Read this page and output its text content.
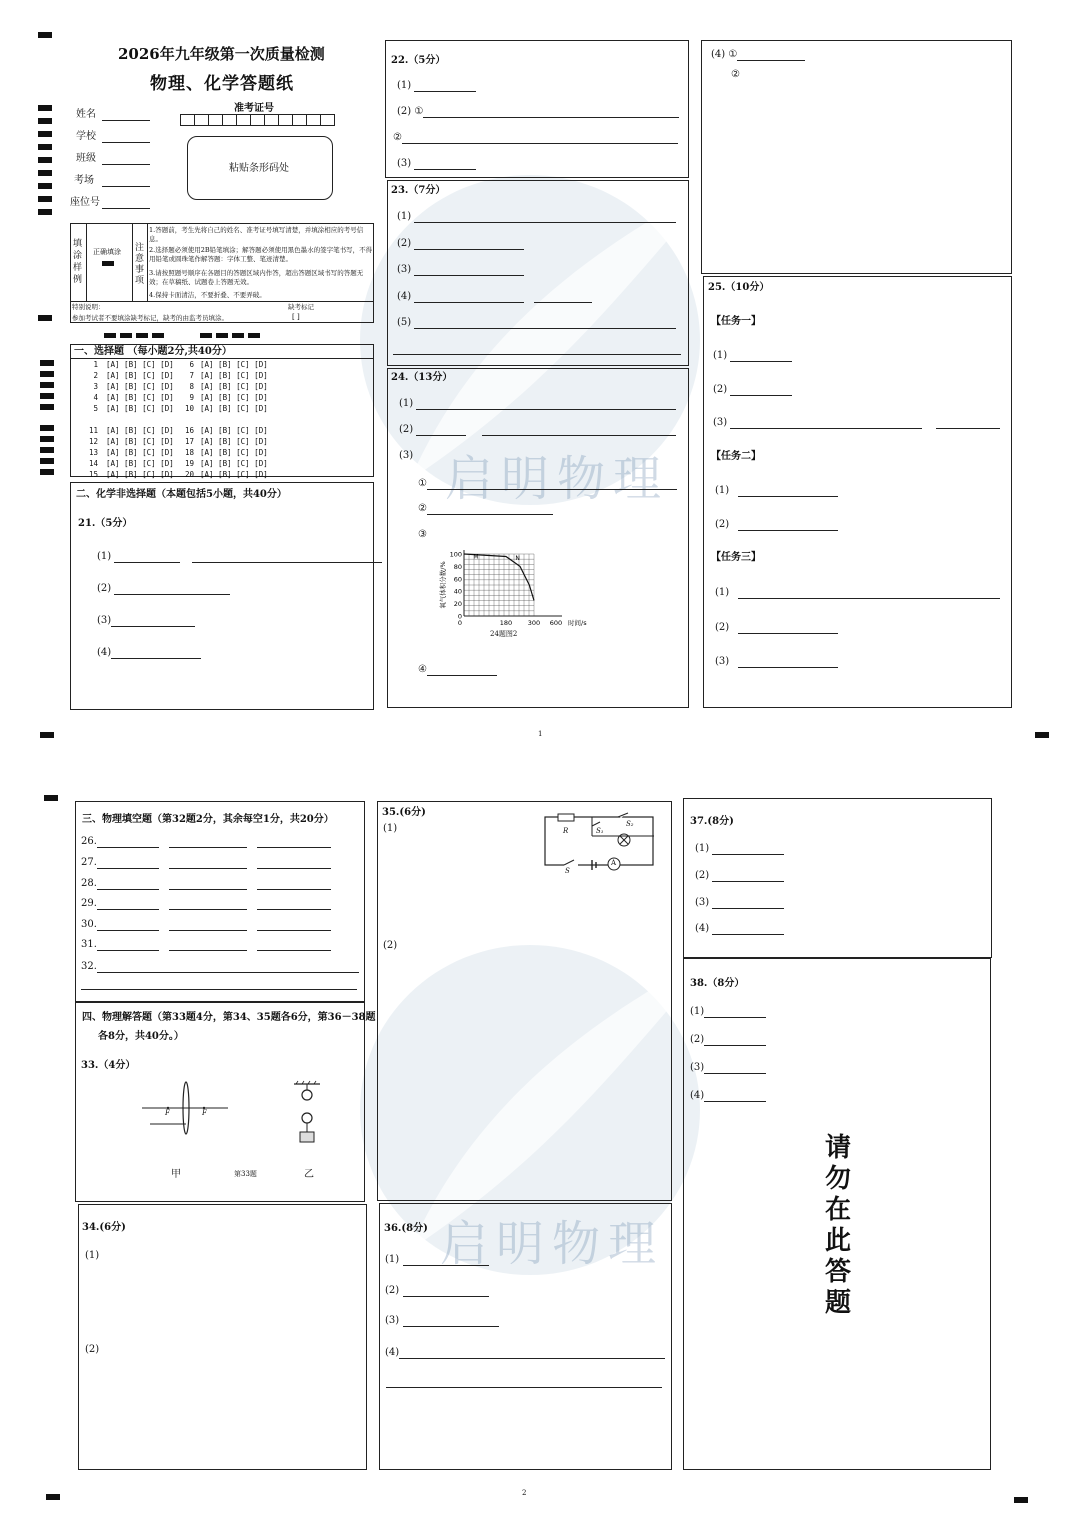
启明物理
启明物理
2026年九年级第一次质量检测
物理、化学答题纸
姓名
学校
班级
考场
座位号
准考证号
粘贴条形码处
填涂样例
正确填涂 注意事项
1.答题前，考生先将自己的姓名、准考证号填写清楚，并填涂相应的考号信息。
2.选择题必须使用2B铅笔填涂；解答题必须使用黑色墨水的签字笔书写，不得用铅笔或圆珠笔作解答题：字体工整、笔迹清楚。
3.请按照题号顺序在各题目的答题区域内作答，超出答题区域书写的答题无效；在草稿纸、试题卷上答题无效。
4.保持卡面清洁，不要折叠、不要弄破。
特别说明：
参加考试者不要填涂缺考标记，缺考的由监考员填涂。
缺考标记
[ ]
一、选择题 （每小题2分,共40分）
1 [A] [B] [C] [D]	6 [A] [B] [C] [D]
2 [A] [B] [C] [D]	7 [A] [B] [C] [D]
3 [A] [B] [C] [D]	8 [A] [B] [C] [D]
4 [A] [B] [C] [D]	9 [A] [B] [C] [D]
5 [A] [B] [C] [D]	10 [A] [B] [C] [D]
11 [A] [B] [C] [D]	16 [A] [B] [C] [D]
12 [A] [B] [C] [D]	17 [A] [B] [C] [D]
13 [A] [B] [C] [D]	18 [A] [B] [C] [D]
14 [A] [B] [C] [D]	19 [A] [B] [C] [D]
15 [A] [B] [C] [D]	20 [A] [B] [C] [D]
二、化学非选择题（本题包括5小题，共40分）
21.（5分）
(1)
(2)
(3)
(4)
22.（5分）
(1)
(2) ①
②
(3)
23.（7分）
(1)
(2)
(3)
(4)
(5)
24.（13分）
(1)
(2)
(3)
①
②
③
0
20
40
60
80
100
180 300 600
0	时间/s
氧气体积分数/%
M	N
24题图2
④
(4) ①
②
25.（10分）
【任务一】
(1)
(2)
(3)
【任务二】
(1)
(2)
【任务三】
(1)
(2)
(3)
1
三、物理填空题（第32题2分，其余每空1分，共20分）
26.
27.
28.
29.
30.
31.
32.
四、物理解答题（第33题4分，第34、35题各6分，第36－38题
各8分，共40分。）
33.（4分）
F	F
甲	第33题	乙
34.(6分)
(1)
(2)
35.(6分)
(1)
(2)
R	S₁
S₂
S
A
36.(8分)
(1)
(2)
(3)
(4)
37.(8分)
(1)
(2)
(3)
(4)
38.（8分）
(1)
(2)
(3)
(4)
请
勿
在
此
答
题
2
